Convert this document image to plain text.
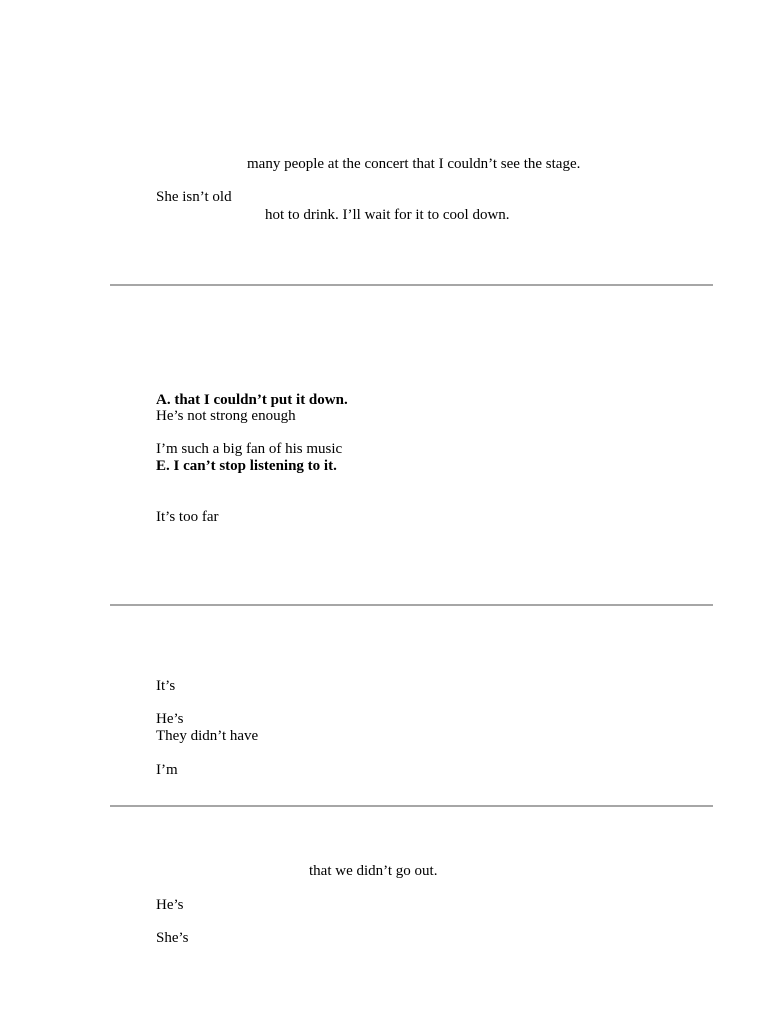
many people at the concert that I couldn’t see the stage.
She isn’t old
hot to drink. I’ll wait for it to cool down.
A. that I couldn’t put it down.
He’s not strong enough
I’m such a big fan of his music
E. I can’t stop listening to it.
It’s too far
It’s
He’s
They didn’t have
I’m
that we didn’t go out.
He’s
She’s
